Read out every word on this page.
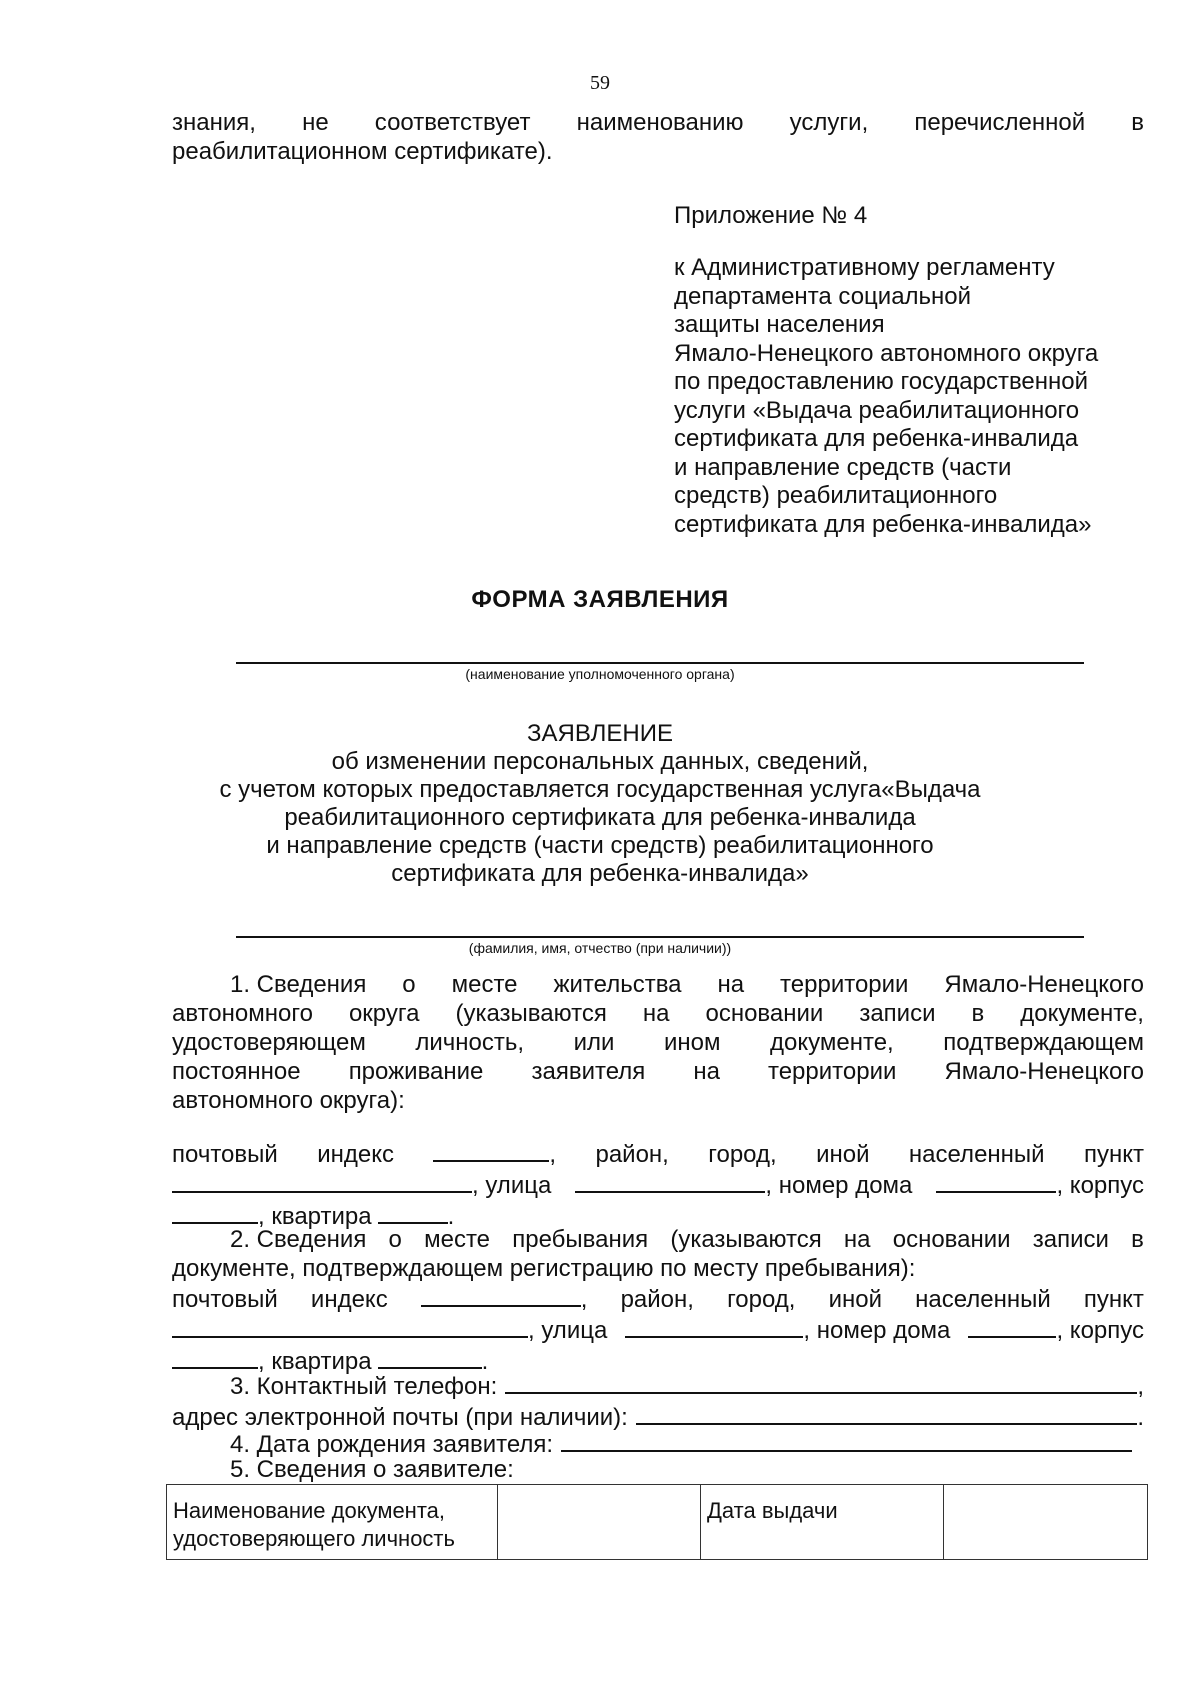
59
знания, не соответствует наименованию услуги, перечисленной в
реабилитационном сертификате).
Приложение № 4
к Административному регламенту
департамента социальной
защиты населения
Ямало-Ненецкого автономного округа
по предоставлению государственной
услуги «Выдача реабилитационного
сертификата для ребенка-инвалида
и направление средств (части
средств) реабилитационного
сертификата для ребенка-инвалида»
ФОРМА ЗАЯВЛЕНИЯ
(наименование уполномоченного органа)
ЗАЯВЛЕНИЕ
об изменении персональных данных, сведений,
с учетом которых предоставляется государственная услуга«Выдача
реабилитационного сертификата для ребенка-инвалида
и направление средств (части средств) реабилитационного
сертификата для ребенка-инвалида»
(фамилия, имя, отчество (при наличии))
1. Сведения о месте жительства на территории Ямало-Ненецкого
автономного округа (указываются на основании записи в документе,
удостоверяющем личность, или ином документе, подтверждающем
постоянное проживание заявителя на территории Ямало-Ненецкого
автономного округа):
почтовый индекс	, район, город, иной населенный пункт
, улица	, номер дома	, корпус
, квартира	.
2. Сведения о месте пребывания (указываются на основании записи в
документе, подтверждающем регистрацию по месту пребывания):
почтовый индекс	, район, город, иной населенный пункт
, улица	, номер дома	, корпус
, квартира	.
3. Контактный телефон:	,
адрес электронной почты (при наличии):	.
4. Дата рождения заявителя:
5. Сведения о заявителе:
Наименование документа, удостоверяющего личность		Дата выдачи	
